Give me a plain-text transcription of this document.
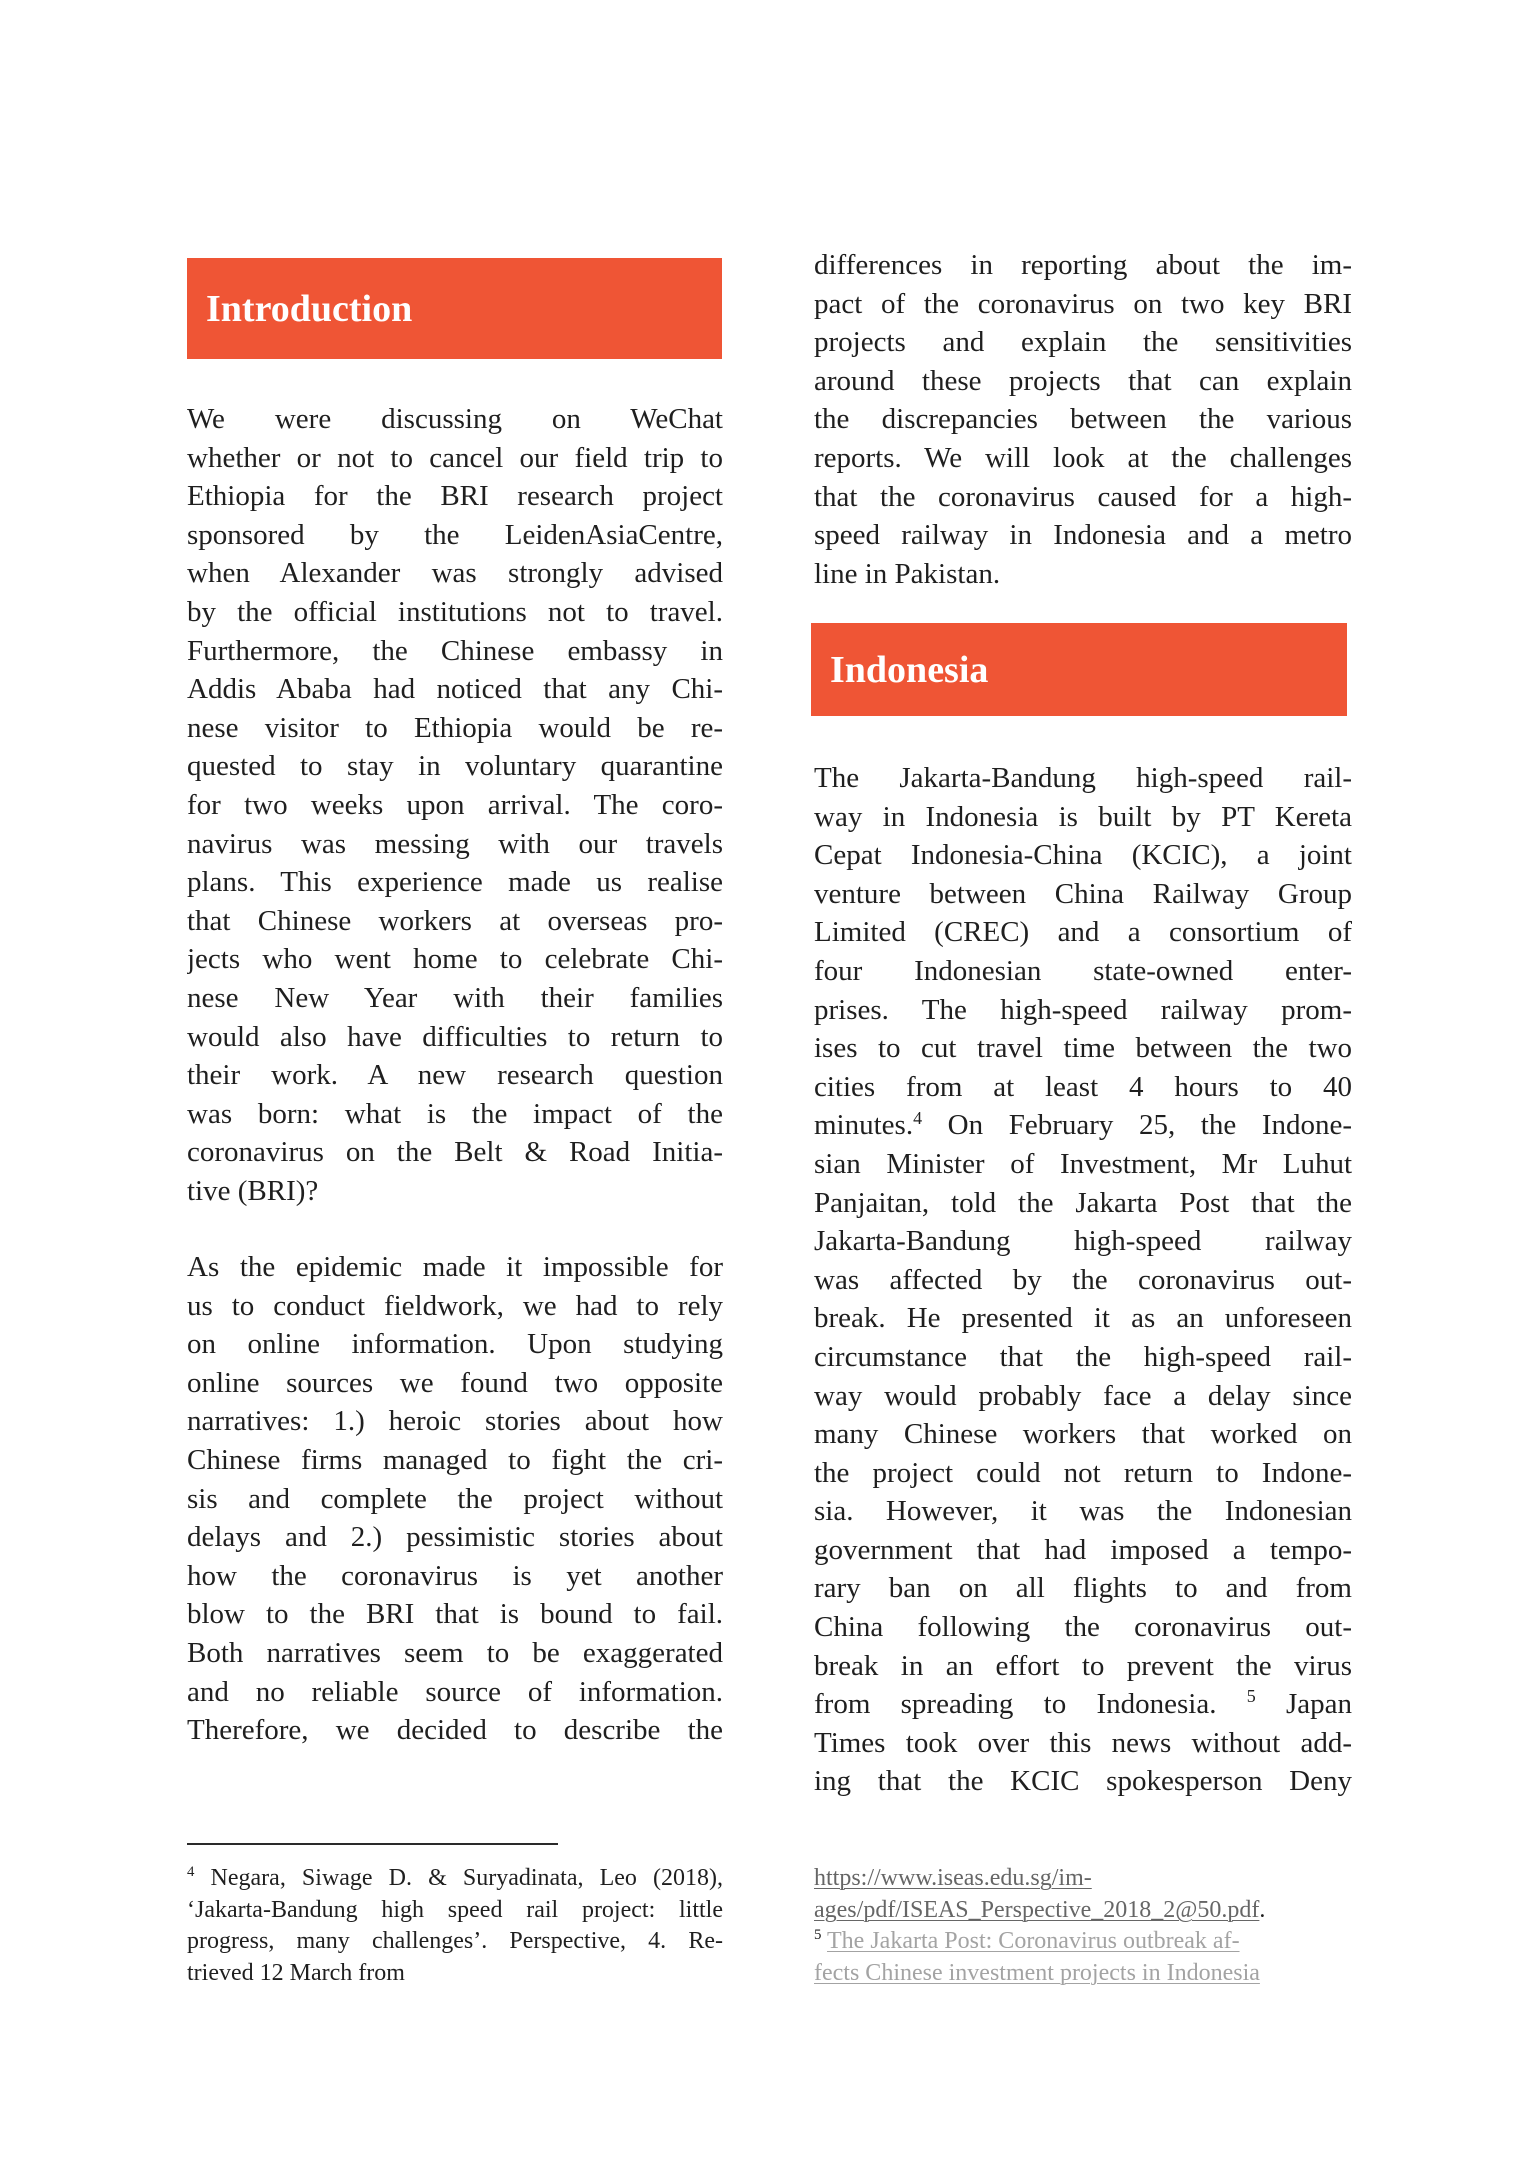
Introduction
We were discussing on WeChat
whether or not to cancel our field trip to
Ethiopia for the BRI research project
sponsored by the LeidenAsiaCentre,
when Alexander was strongly advised
by the official institutions not to travel.
Furthermore, the Chinese embassy in
Addis Ababa had noticed that any Chi-
nese visitor to Ethiopia would be re-
quested to stay in voluntary quarantine
for two weeks upon arrival. The coro-
navirus was messing with our travels
plans. This experience made us realise
that Chinese workers at overseas pro-
jects who went home to celebrate Chi-
nese New Year with their families
would also have difficulties to return to
their work. A new research question
was born: what is the impact of the
coronavirus on the Belt & Road Initia-
tive (BRI)?
As the epidemic made it impossible for
us to conduct fieldwork, we had to rely
on online information. Upon studying
online sources we found two opposite
narratives: 1.) heroic stories about how
Chinese firms managed to fight the cri-
sis and complete the project without
delays and 2.) pessimistic stories about
how the coronavirus is yet another
blow to the BRI that is bound to fail.
Both narratives seem to be exaggerated
and no reliable source of information.
Therefore, we decided to describe the
differences in reporting about the im-
pact of the coronavirus on two key BRI
projects and explain the sensitivities
around these projects that can explain
the discrepancies between the various
reports. We will look at the challenges
that the coronavirus caused for a high-
speed railway in Indonesia and a metro
line in Pakistan.
Indonesia
The Jakarta-Bandung high-speed rail-
way in Indonesia is built by PT Kereta
Cepat Indonesia-China (KCIC), a joint
venture between China Railway Group
Limited (CREC) and a consortium of
four Indonesian state-owned enter-
prises. The high-speed railway prom-
ises to cut travel time between the two
cities from at least 4 hours to 40
minutes.$^4$ On February 25, the Indone-
sian Minister of Investment, Mr Luhut
Panjaitan, told the Jakarta Post that the
Jakarta-Bandung high-speed railway
was affected by the coronavirus out-
break. He presented it as an unforeseen
circumstance that the high-speed rail-
way would probably face a delay since
many Chinese workers that worked on
the project could not return to Indone-
sia. However, it was the Indonesian
government that had imposed a tempo-
rary ban on all flights to and from
China following the coronavirus out-
break in an effort to prevent the virus
from spreading to Indonesia. $^5$ Japan
Times took over this news without add-
ing that the KCIC spokesperson Deny
$^4$ Negara, Siwage D. & Suryadinata, Leo (2018),
‘Jakarta-Bandung high speed rail project: little
progress, many challenges’. Perspective, 4. Re-
trieved 12 March from
https://www.iseas.edu.sg/im-
ages/pdf/ISEAS_Perspective_2018_2@50.pdf.
$^5$ The Jakarta Post: Coronavirus outbreak af-
fects Chinese investment projects in Indonesia
